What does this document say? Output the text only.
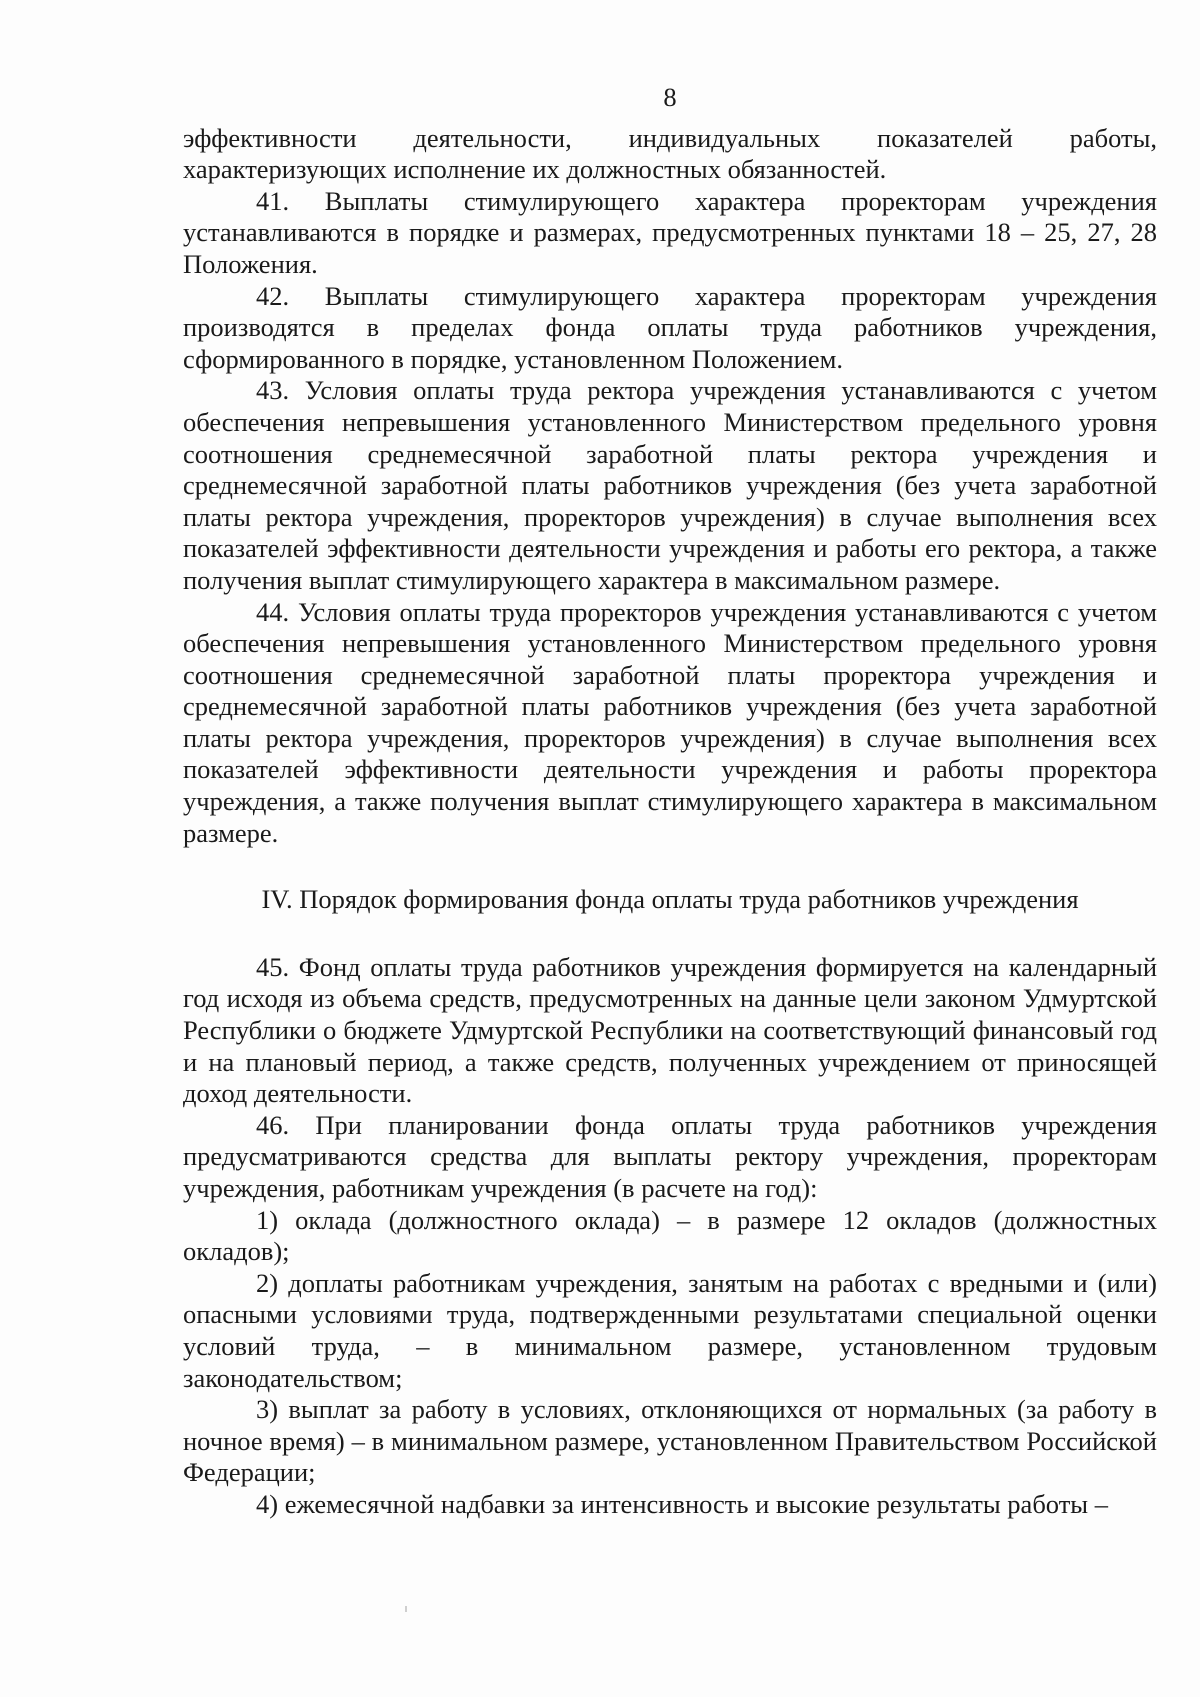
8

эффективности деятельности, индивидуальных показателей работы, характеризующих исполнение их должностных обязанностей.

41. Выплаты стимулирующего характера проректорам учреждения устанавливаются в порядке и размерах, предусмотренных пунктами 18 – 25, 27, 28 Положения.

42. Выплаты стимулирующего характера проректорам учреждения производятся в пределах фонда оплаты труда работников учреждения, сформированного в порядке, установленном Положением.

43. Условия оплаты труда ректора учреждения устанавливаются с учетом обеспечения непревышения установленного Министерством предельного уровня соотношения среднемесячной заработной платы ректора учреждения и среднемесячной заработной платы работников учреждения (без учета заработной платы ректора учреждения, проректоров учреждения) в случае выполнения всех показателей эффективности деятельности учреждения и работы его ректора, а также получения выплат стимулирующего характера в максимальном размере.

44. Условия оплаты труда проректоров учреждения устанавливаются с учетом обеспечения непревышения установленного Министерством предельного уровня соотношения среднемесячной заработной платы проректора учреждения и среднемесячной заработной платы работников учреждения (без учета заработной платы ректора учреждения, проректоров учреждения) в случае выполнения всех показателей эффективности деятельности учреждения и работы проректора учреждения, а также получения выплат стимулирующего характера в максимальном размере.

IV. Порядок формирования фонда оплаты труда работников учреждения

45. Фонд оплаты труда работников учреждения формируется на календарный год исходя из объема средств, предусмотренных на данные цели законом Удмуртской Республики о бюджете Удмуртской Республики на соответствующий финансовый год и на плановый период, а также средств, полученных учреждением от приносящей доход деятельности.

46. При планировании фонда оплаты труда работников учреждения предусматриваются средства для выплаты ректору учреждения, проректорам учреждения, работникам учреждения (в расчете на год):

1) оклада (должностного оклада) – в размере 12 окладов (должностных окладов);

2) доплаты работникам учреждения, занятым на работах с вредными и (или) опасными условиями труда, подтвержденными результатами специальной оценки условий труда, – в минимальном размере, установленном трудовым законодательством;

3) выплат за работу в условиях, отклоняющихся от нормальных (за работу в ночное время) – в минимальном размере, установленном Правительством Российской Федерации;

4) ежемесячной надбавки за интенсивность и высокие результаты работы –
